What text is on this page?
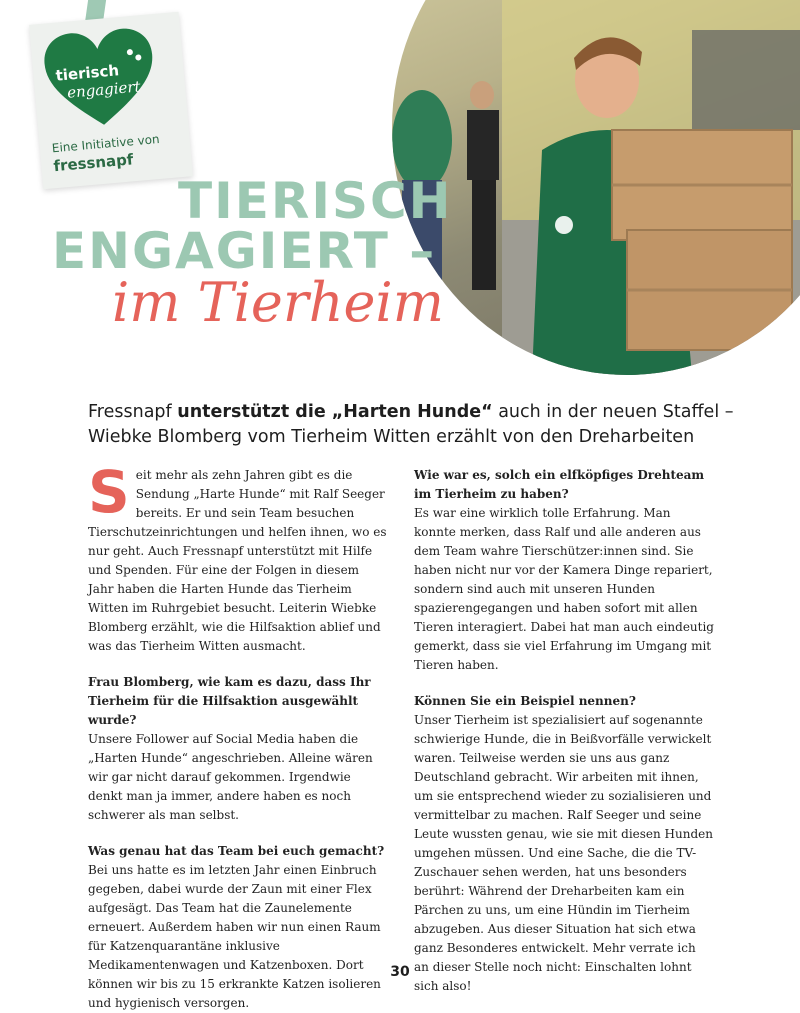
tierisch
engagiert
Eine Initiative von
fressnapf
TIERISCH
ENGAGIERT –
im Tierheim
Fressnapf unterstützt die „Harten Hunde“ auch in der neuen Staffel – Wiebke Blomberg vom Tierheim Witten erzählt von den Dreharbeiten

Seit mehr als zehn Jahren gibt es die Sendung „Harte Hunde“ mit Ralf Seeger bereits. Er und sein Team besuchen Tierschutzeinrichtungen und helfen ihnen, wo es nur geht. Auch Fressnapf unterstützt mit Hilfe und Spenden. Für eine der Folgen in diesem Jahr haben die Harten Hunde das Tierheim Witten im Ruhrgebiet besucht. Leiterin Wiebke Blomberg erzählt, wie die Hilfsaktion ablief und was das Tierheim Witten ausmacht.

Frau Blomberg, wie kam es dazu, dass Ihr Tierheim für die Hilfsaktion ausgewählt wurde?

Unsere Follower auf Social Media haben die „Harten Hunde“ angeschrieben. Alleine wären wir gar nicht darauf gekommen. Irgendwie denkt man ja immer, andere haben es noch schwerer als man selbst.

Was genau hat das Team bei euch gemacht?

Bei uns hatte es im letzten Jahr einen Einbruch gegeben, dabei wurde der Zaun mit einer Flex aufgesägt. Das Team hat die Zaunelemente erneuert. Außerdem haben wir nun einen Raum für Katzenquarantäne inklusive Medikamentenwagen und Katzenboxen. Dort können wir bis zu 15 erkrankte Katzen isolieren und hygienisch versorgen.

Wie war es, solch ein elfköpfiges Drehteam im Tierheim zu haben?

Es war eine wirklich tolle Erfahrung. Man konnte merken, dass Ralf und alle anderen aus dem Team wahre Tierschützer:innen sind. Sie haben nicht nur vor der Kamera Dinge repariert, sondern sind auch mit unseren Hunden spazierengegangen und haben sofort mit allen Tieren interagiert. Dabei hat man auch eindeutig gemerkt, dass sie viel Erfahrung im Umgang mit Tieren haben.

Können Sie ein Beispiel nennen?

Unser Tierheim ist spezialisiert auf sogenannte schwierige Hunde, die in Beißvorfälle verwickelt waren. Teilweise werden sie uns aus ganz Deutschland gebracht. Wir arbeiten mit ihnen, um sie entsprechend wieder zu sozialisieren und vermittelbar zu machen. Ralf Seeger und seine Leute wussten genau, wie sie mit diesen Hunden umgehen müssen. Und eine Sache, die die TV-Zuschauer sehen werden, hat uns besonders berührt: Während der Dreharbeiten kam ein Pärchen zu uns, um eine Hündin im Tierheim abzugeben. Aus dieser Situation hat sich etwa ganz Besonderes entwickelt. Mehr verrate ich an dieser Stelle noch nicht: Einschalten lohnt sich also!

30
